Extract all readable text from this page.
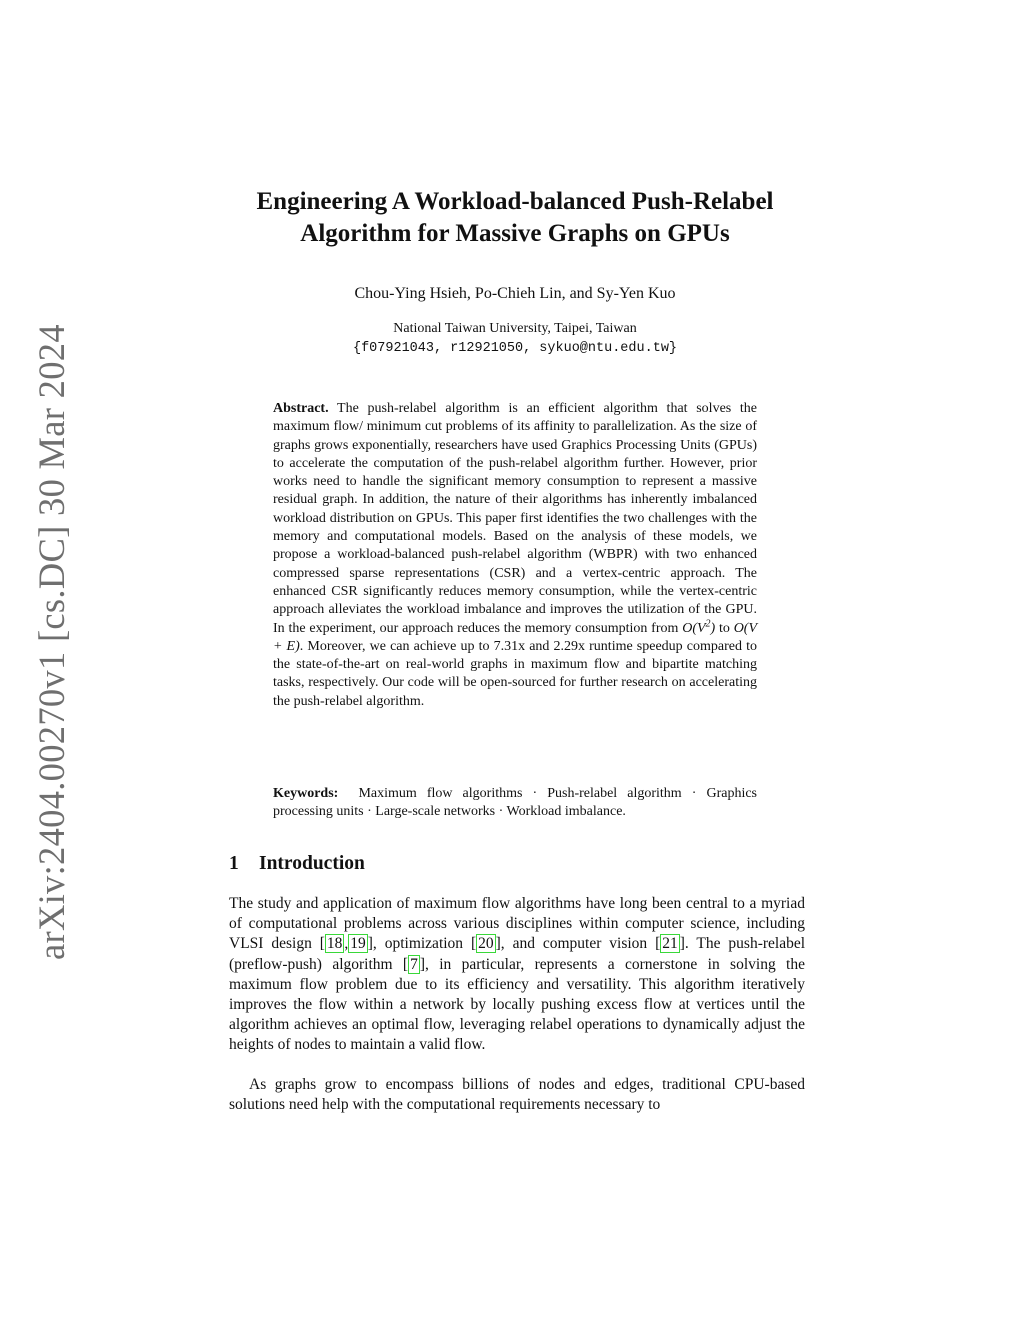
arXiv:2404.00270v1 [cs.DC] 30 Mar 2024
Engineering A Workload-balanced Push-Relabel
Algorithm for Massive Graphs on GPUs
Chou-Ying Hsieh, Po-Chieh Lin, and Sy-Yen Kuo
National Taiwan University, Taipei, Taiwan
{f07921043, r12921050, sykuo@ntu.edu.tw}

Abstract. The push-relabel algorithm is an efficient algorithm that solves the maximum flow/ minimum cut problems of its affinity to parallelization. As the size of graphs grows exponentially, researchers have used Graphics Processing Units (GPUs) to accelerate the computation of the push-relabel algorithm further. However, prior works need to handle the significant memory consumption to represent a massive residual graph. In addition, the nature of their algorithms has inherently imbalanced workload distribution on GPUs. This paper first identifies the two challenges with the memory and computational models. Based on the analysis of these models, we propose a workload-balanced push-relabel algorithm (WBPR) with two enhanced compressed sparse representations (CSR) and a vertex-centric approach. The enhanced CSR significantly reduces memory consumption, while the vertex-centric approach alleviates the workload imbalance and improves the utilization of the GPU. In the experiment, our approach reduces the memory consumption from $O(V^2)$ to O(V + E). Moreover, we can achieve up to 7.31x and 2.29x runtime speedup compared to the state-of-the-art on real-world graphs in maximum flow and bipartite matching tasks, respectively. Our code will be open-sourced for further research on accelerating the push-relabel algorithm.

Keywords: Maximum flow algorithms · Push-relabel algorithm · Graphics processing units · Large-scale networks · Workload imbalance.

1 Introduction

The study and application of maximum flow algorithms have long been central to a myriad of computational problems across various disciplines within computer science, including VLSI design [ 18 , 19 ], optimization [ 20 ], and computer vision [ 21 ]. The push-relabel (preflow-push) algorithm [ 7 ], in particular, represents a cornerstone in solving the maximum flow problem due to its efficiency and versatility. This algorithm iteratively improves the flow within a network by locally pushing excess flow at vertices until the algorithm achieves an optimal flow, leveraging relabel operations to dynamically adjust the heights of nodes to maintain a valid flow.

As graphs grow to encompass billions of nodes and edges, traditional CPU-based solutions need help with the computational requirements necessary to
